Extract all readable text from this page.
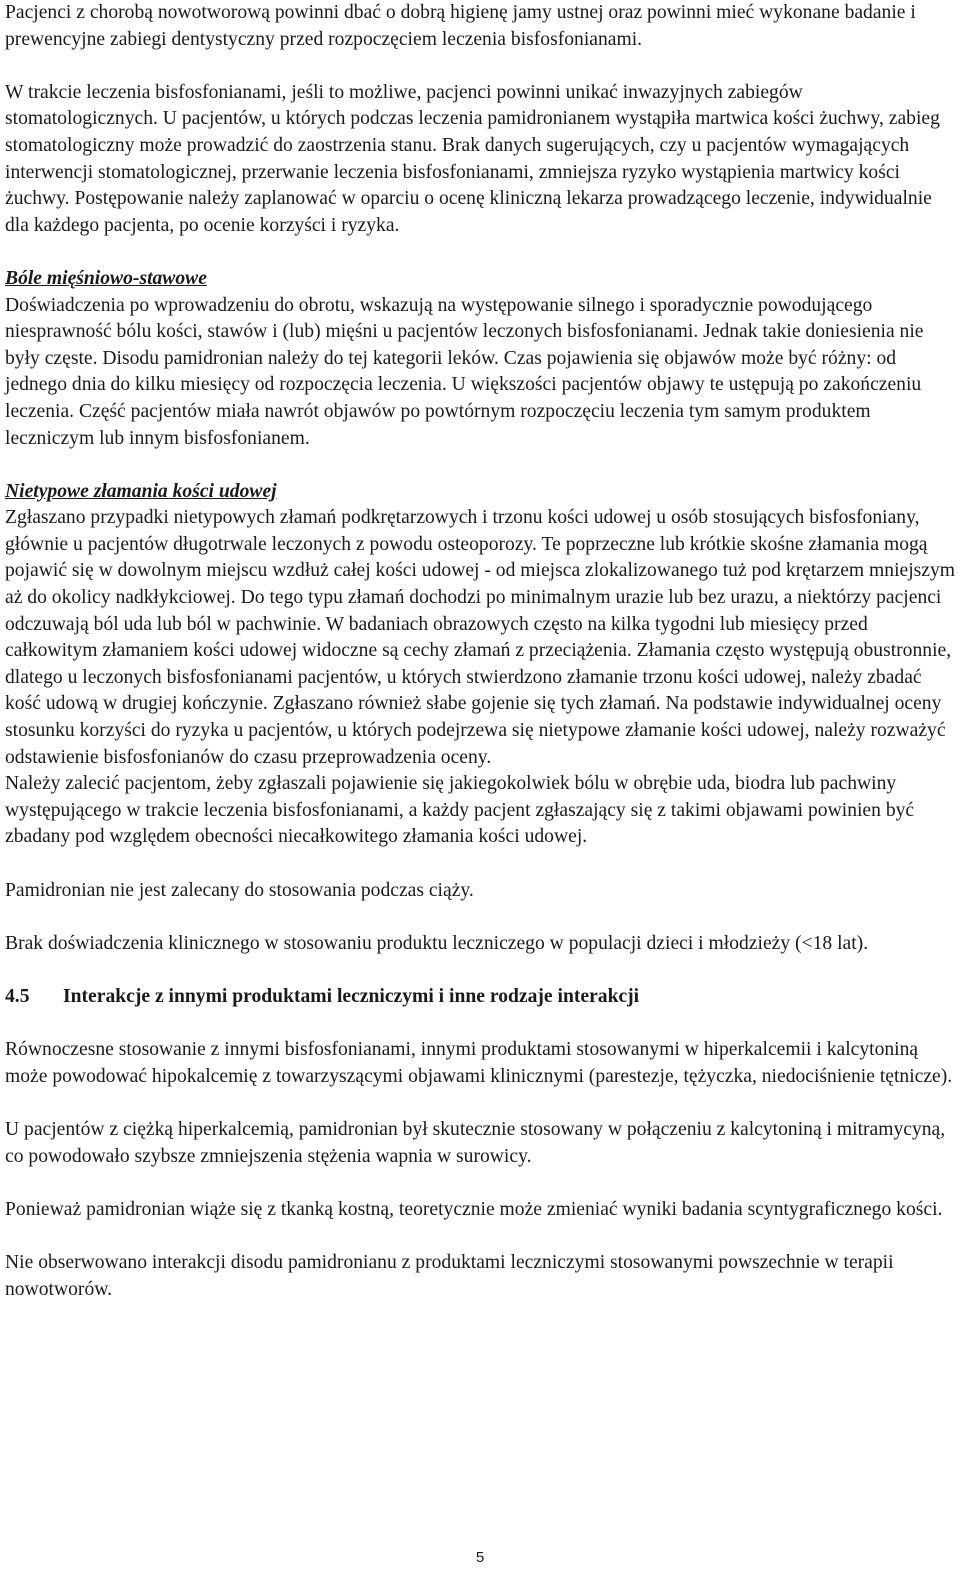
Pacjenci z chorobą nowotworową powinni dbać o dobrą higienę jamy ustnej oraz powinni mieć wykonane badanie i prewencyjne zabiegi dentystyczny przed rozpoczęciem leczenia bisfosfonianami.

W trakcie leczenia bisfosfonianami, jeśli to możliwe, pacjenci powinni unikać inwazyjnych zabiegów stomatologicznych. U pacjentów, u których podczas leczenia pamidronianem wystąpiła martwica kości żuchwy, zabieg stomatologiczny może prowadzić do zaostrzenia stanu. Brak danych sugerujących, czy u pacjentów wymagających interwencji stomatologicznej, przerwanie leczenia bisfosfonianami, zmniejsza ryzyko wystąpienia martwicy kości żuchwy. Postępowanie należy zaplanować w oparciu o ocenę kliniczną lekarza prowadzącego leczenie, indywidualnie dla każdego pacjenta, po ocenie korzyści i ryzyka.

Bóle mięśniowo-stawowe

Doświadczenia po wprowadzeniu do obrotu, wskazują na występowanie silnego i sporadycznie powodującego niesprawność bólu kości, stawów i (lub) mięśni u pacjentów leczonych bisfosfonianami. Jednak takie doniesienia nie były częste. Disodu pamidronian należy do tej kategorii leków. Czas pojawienia się objawów może być różny: od jednego dnia do kilku miesięcy od rozpoczęcia leczenia. U większości pacjentów objawy te ustępują po zakończeniu leczenia. Część pacjentów miała nawrót objawów po powtórnym rozpoczęciu leczenia tym samym produktem leczniczym lub innym bisfosfonianem.

Nietypowe złamania kości udowej

Zgłaszano przypadki nietypowych złamań podkrętarzowych i trzonu kości udowej u osób stosujących bisfosfoniany, głównie u pacjentów długotrwale leczonych z powodu osteoporozy. Te poprzeczne lub krótkie skośne złamania mogą pojawić się w dowolnym miejscu wzdłuż całej kości udowej - od miejsca zlokalizowanego tuż pod krętarzem mniejszym aż do okolicy nadkłykciowej. Do tego typu złamań dochodzi po minimalnym urazie lub bez urazu, a niektórzy pacjenci odczuwają ból uda lub ból w pachwinie. W badaniach obrazowych często na kilka tygodni lub miesięcy przed całkowitym złamaniem kości udowej widoczne są cechy złamań z przeciążenia. Złamania często występują obustronnie, dlatego u leczonych bisfosfonianami pacjentów, u których stwierdzono złamanie trzonu kości udowej, należy zbadać kość udową w drugiej kończynie. Zgłaszano również słabe gojenie się tych złamań. Na podstawie indywidualnej oceny stosunku korzyści do ryzyka u pacjentów, u których podejrzewa się nietypowe złamanie kości udowej, należy rozważyć odstawienie bisfosfonianów do czasu przeprowadzenia oceny.

Należy zalecić pacjentom, żeby zgłaszali pojawienie się jakiegokolwiek bólu w obrębie uda, biodra lub pachwiny występującego w trakcie leczenia bisfosfonianami, a każdy pacjent zgłaszający się z takimi objawami powinien być zbadany pod względem obecności niecałkowitego złamania kości udowej.

Pamidronian nie jest zalecany do stosowania podczas ciąży.

Brak doświadczenia klinicznego w stosowaniu produktu leczniczego w populacji dzieci i młodzieży (<18 lat).

4.5	Interakcje z innymi produktami leczniczymi i inne rodzaje interakcji

Równoczesne stosowanie z innymi bisfosfonianami, innymi produktami stosowanymi w hiperkalcemii i kalcytoniną może powodować hipokalcemię z towarzyszącymi objawami klinicznymi (parestezje, tężyczka, niedociśnienie tętnicze).

U pacjentów z ciężką hiperkalcemią, pamidronian był skutecznie stosowany w połączeniu z kalcytoniną i mitramycyną, co powodowało szybsze zmniejszenia stężenia wapnia w surowicy.

Ponieważ pamidronian wiąże się z tkanką kostną, teoretycznie może zmieniać wyniki badania scyntygraficznego kości.

Nie obserwowano interakcji disodu pamidronianu z produktami leczniczymi stosowanymi powszechnie w terapii nowotworów.

5
